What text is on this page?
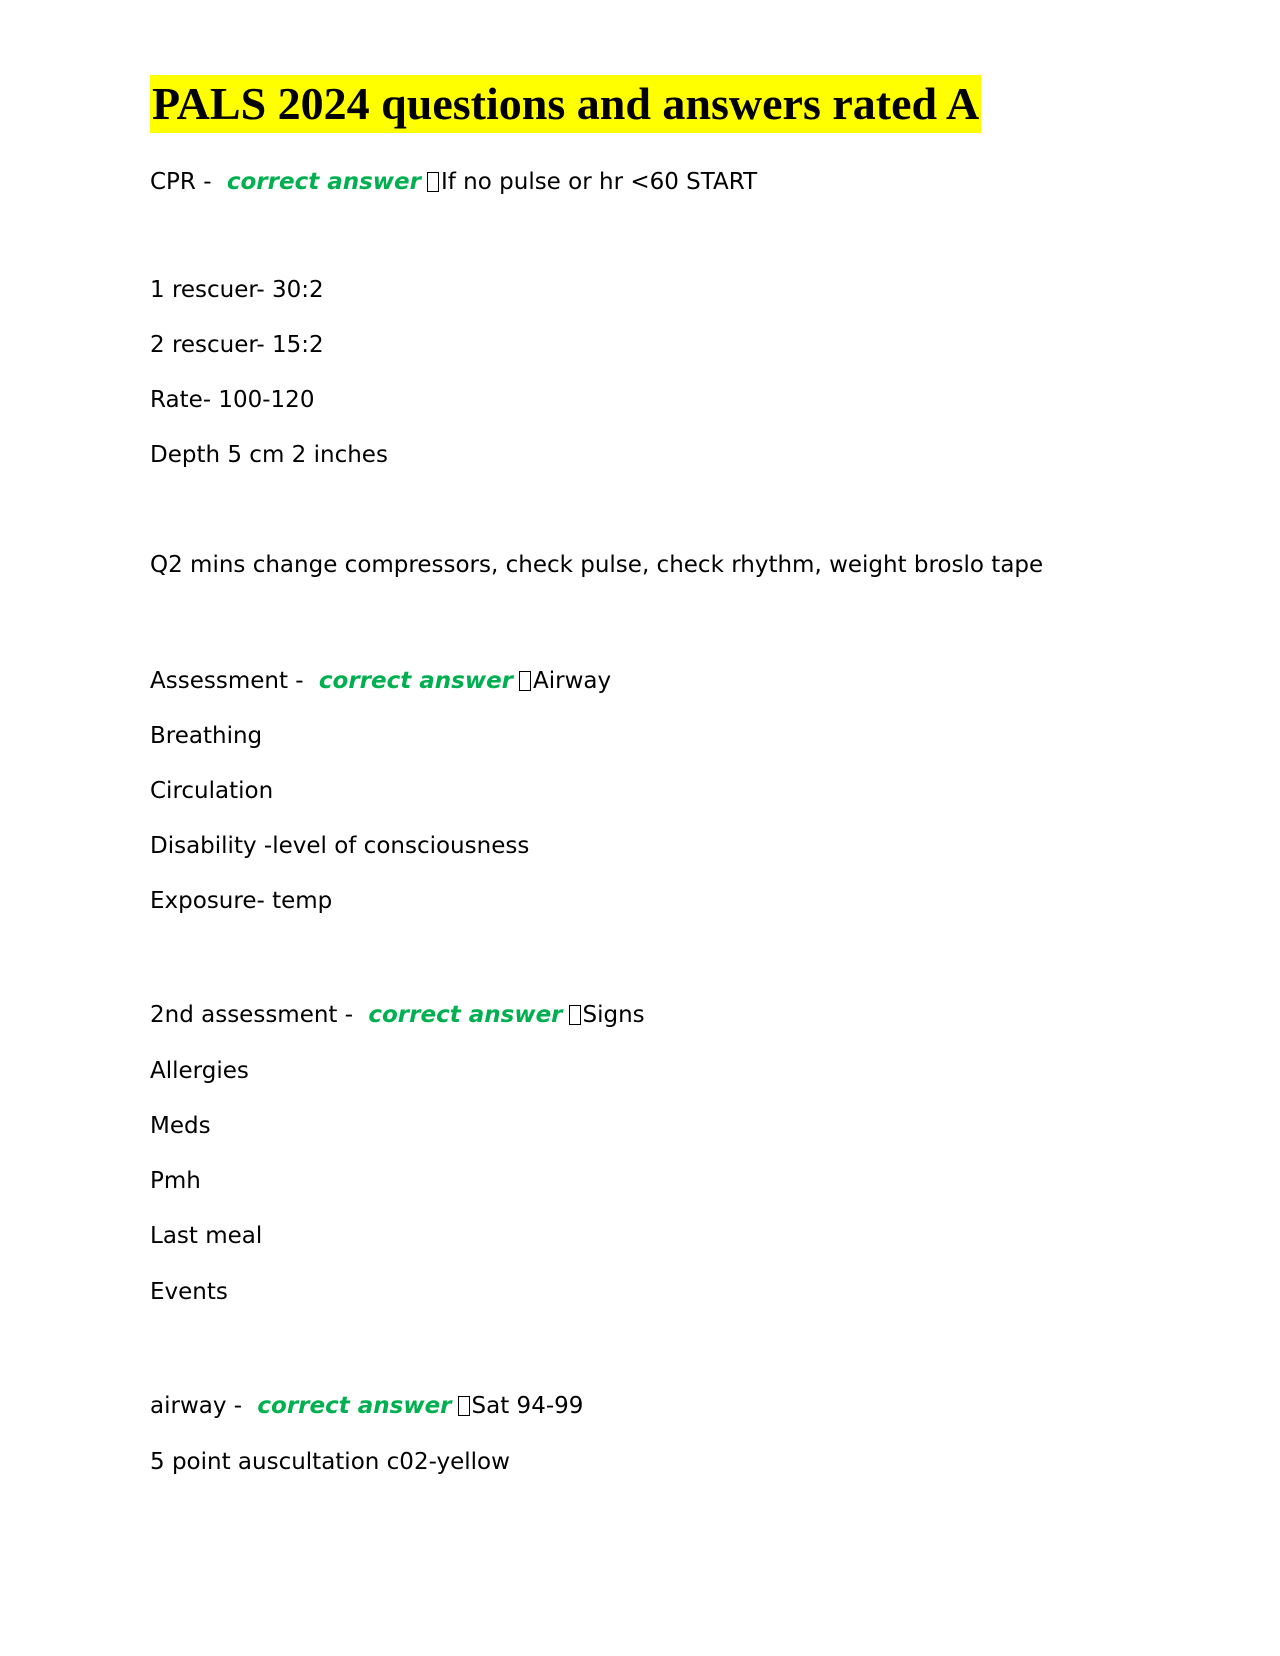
PALS 2024 questions and answers rated A

CPR - correct answer If no pulse or hr <60 START

1 rescuer- 30:2

2 rescuer- 15:2

Rate- 100-120

Depth 5 cm 2 inches

Q2 mins change compressors, check pulse, check rhythm, weight broslo tape

Assessment - correct answer Airway

Breathing

Circulation

Disability -level of consciousness

Exposure- temp

2nd assessment - correct answer Signs

Allergies

Meds

Pmh

Last meal

Events

airway - correct answer Sat 94-99

5 point auscultation c02-yellow
